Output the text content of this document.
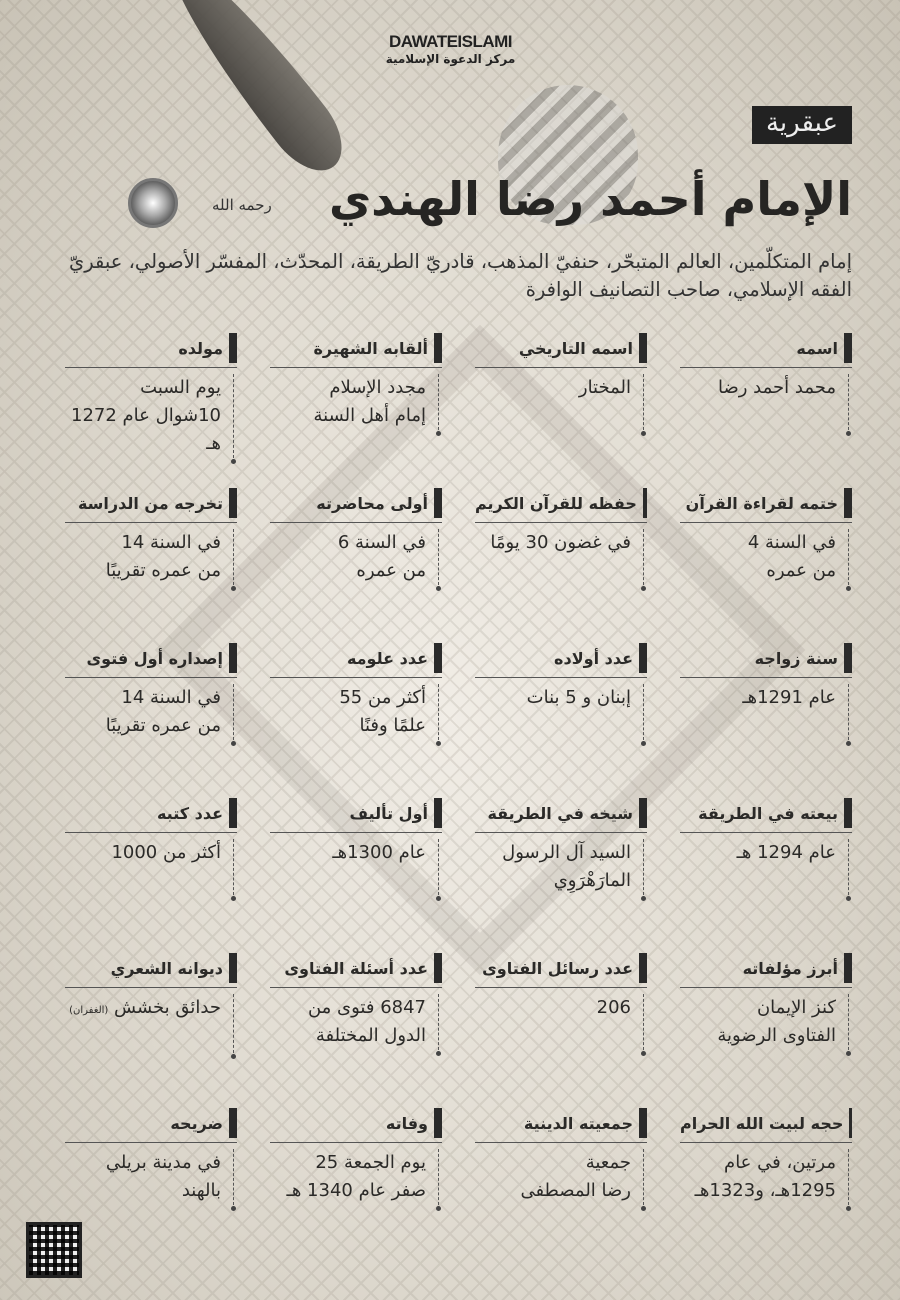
DAWATEISLAMI
مركز الدعوة الإسلامية
عبقرية
الإمام أحمد رضا الهندي
رحمه الله
إمام المتكلّمين، العالم المتبحّر، حنفيّ المذهب، قادريّ الطريقة، المحدّث، المفسّر الأصولي، عبقريّ الفقه الإسلامي، صاحب التصانيف الوافرة
اسمه
محمد أحمد رضا

اسمه التاريخي
المختار

ألقابه الشهيرة
مجدد الإسلام
إمام أهل السنة
مولده
يوم السبت
10شوال عام 1272 هـ
ختمه لقراءة القرآن
في السنة 4
من عمره
حفظه للقرآن الكريم
في غضون 30 يومًا

أولى محاضرته
في السنة 6
من عمره
تخرجه من الدراسة
في السنة 14
من عمره تقريبًا
سنة زواجه
عام 1291هـ

عدد أولاده
إبنان و 5 بنات

عدد علومه
أكثر من 55
علمًا وفنًا
إصداره أول فتوى
في السنة 14
من عمره تقريبًا
بيعته في الطريقة
عام 1294 هـ

شيخه في الطريقة
السيد آل الرسول
المارَهْرَوِي
أول تأليف
عام 1300هـ

عدد كتبه
أكثر من 1000

أبرز مؤلفاته
كنز الإيمان
الفتاوى الرضوية
عدد رسائل الفتاوى
206

عدد أسئلة الفتاوى
6847 فتوى من
الدول المختلفة
ديوانه الشعري
حدائق بخشش (الغفران)

حجه لبيت الله الحرام
مرتين، في عام
1295هـ، و1323هـ
جمعيته الدينية
جمعية
رضا المصطفى
وفاته
يوم الجمعة 25
صفر عام 1340 هـ
ضريحه
في مدينة بريلي
بالهند
